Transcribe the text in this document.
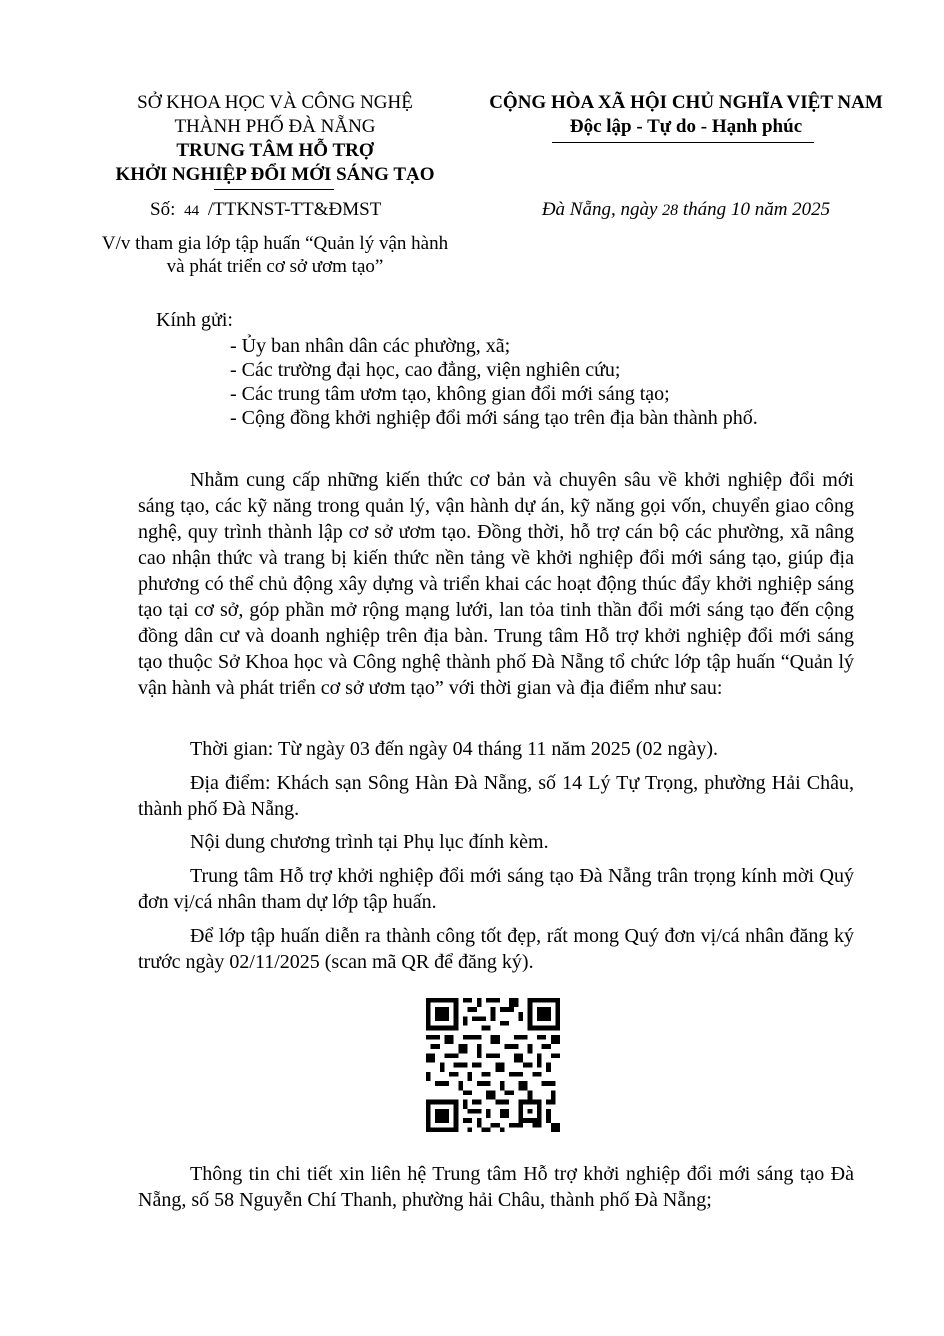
SỞ KHOA HỌC VÀ CÔNG NGHỆ
THÀNH PHỐ ĐÀ NẴNG
TRUNG TÂM HỖ TRỢ
KHỞI NGHIỆP ĐỔI MỚI SÁNG TẠO
Số: 44 /TTKNST-TT&ĐMST
V/v tham gia lớp tập huấn “Quản lý vận hành
và phát triển cơ sở ươm tạo”
CỘNG HÒA XÃ HỘI CHỦ NGHĨA VIỆT NAM
Độc lập - Tự do - Hạnh phúc
Đà Nẵng, ngày 28 tháng 10 năm 2025
Kính gửi:
- Ủy ban nhân dân các phường, xã;
- Các trường đại học, cao đẳng, viện nghiên cứu;
- Các trung tâm ươm tạo, không gian đổi mới sáng tạo;
- Cộng đồng khởi nghiệp đổi mới sáng tạo trên địa bàn thành phố.
Nhằm cung cấp những kiến thức cơ bản và chuyên sâu về khởi nghiệp đổi mới sáng tạo, các kỹ năng trong quản lý, vận hành dự án, kỹ năng gọi vốn, chuyển giao công nghệ, quy trình thành lập cơ sở ươm tạo. Đồng thời, hỗ trợ cán bộ các phường, xã nâng cao nhận thức và trang bị kiến thức nền tảng về khởi nghiệp đổi mới sáng tạo, giúp địa phương có thể chủ động xây dựng và triển khai các hoạt động thúc đẩy khởi nghiệp sáng tạo tại cơ sở, góp phần mở rộng mạng lưới, lan tỏa tinh thần đổi mới sáng tạo đến cộng đồng dân cư và doanh nghiệp trên địa bàn. Trung tâm Hỗ trợ khởi nghiệp đổi mới sáng tạo thuộc Sở Khoa học và Công nghệ thành phố Đà Nẵng tổ chức lớp tập huấn “Quản lý vận hành và phát triển cơ sở ươm tạo” với thời gian và địa điểm như sau:
Thời gian: Từ ngày 03 đến ngày 04 tháng 11 năm 2025 (02 ngày).
Địa điểm: Khách sạn Sông Hàn Đà Nẵng, số 14 Lý Tự Trọng, phường Hải Châu, thành phố Đà Nẵng.
Nội dung chương trình tại Phụ lục đính kèm.
Trung tâm Hỗ trợ khởi nghiệp đổi mới sáng tạo Đà Nẵng trân trọng kính mời Quý đơn vị/cá nhân tham dự lớp tập huấn.
Để lớp tập huấn diễn ra thành công tốt đẹp, rất mong Quý đơn vị/cá nhân đăng ký trước ngày 02/11/2025 (scan mã QR để đăng ký).
Thông tin chi tiết xin liên hệ Trung tâm Hỗ trợ khởi nghiệp đổi mới sáng tạo Đà Nẵng, số 58 Nguyễn Chí Thanh, phường hải Châu, thành phố Đà Nẵng;
